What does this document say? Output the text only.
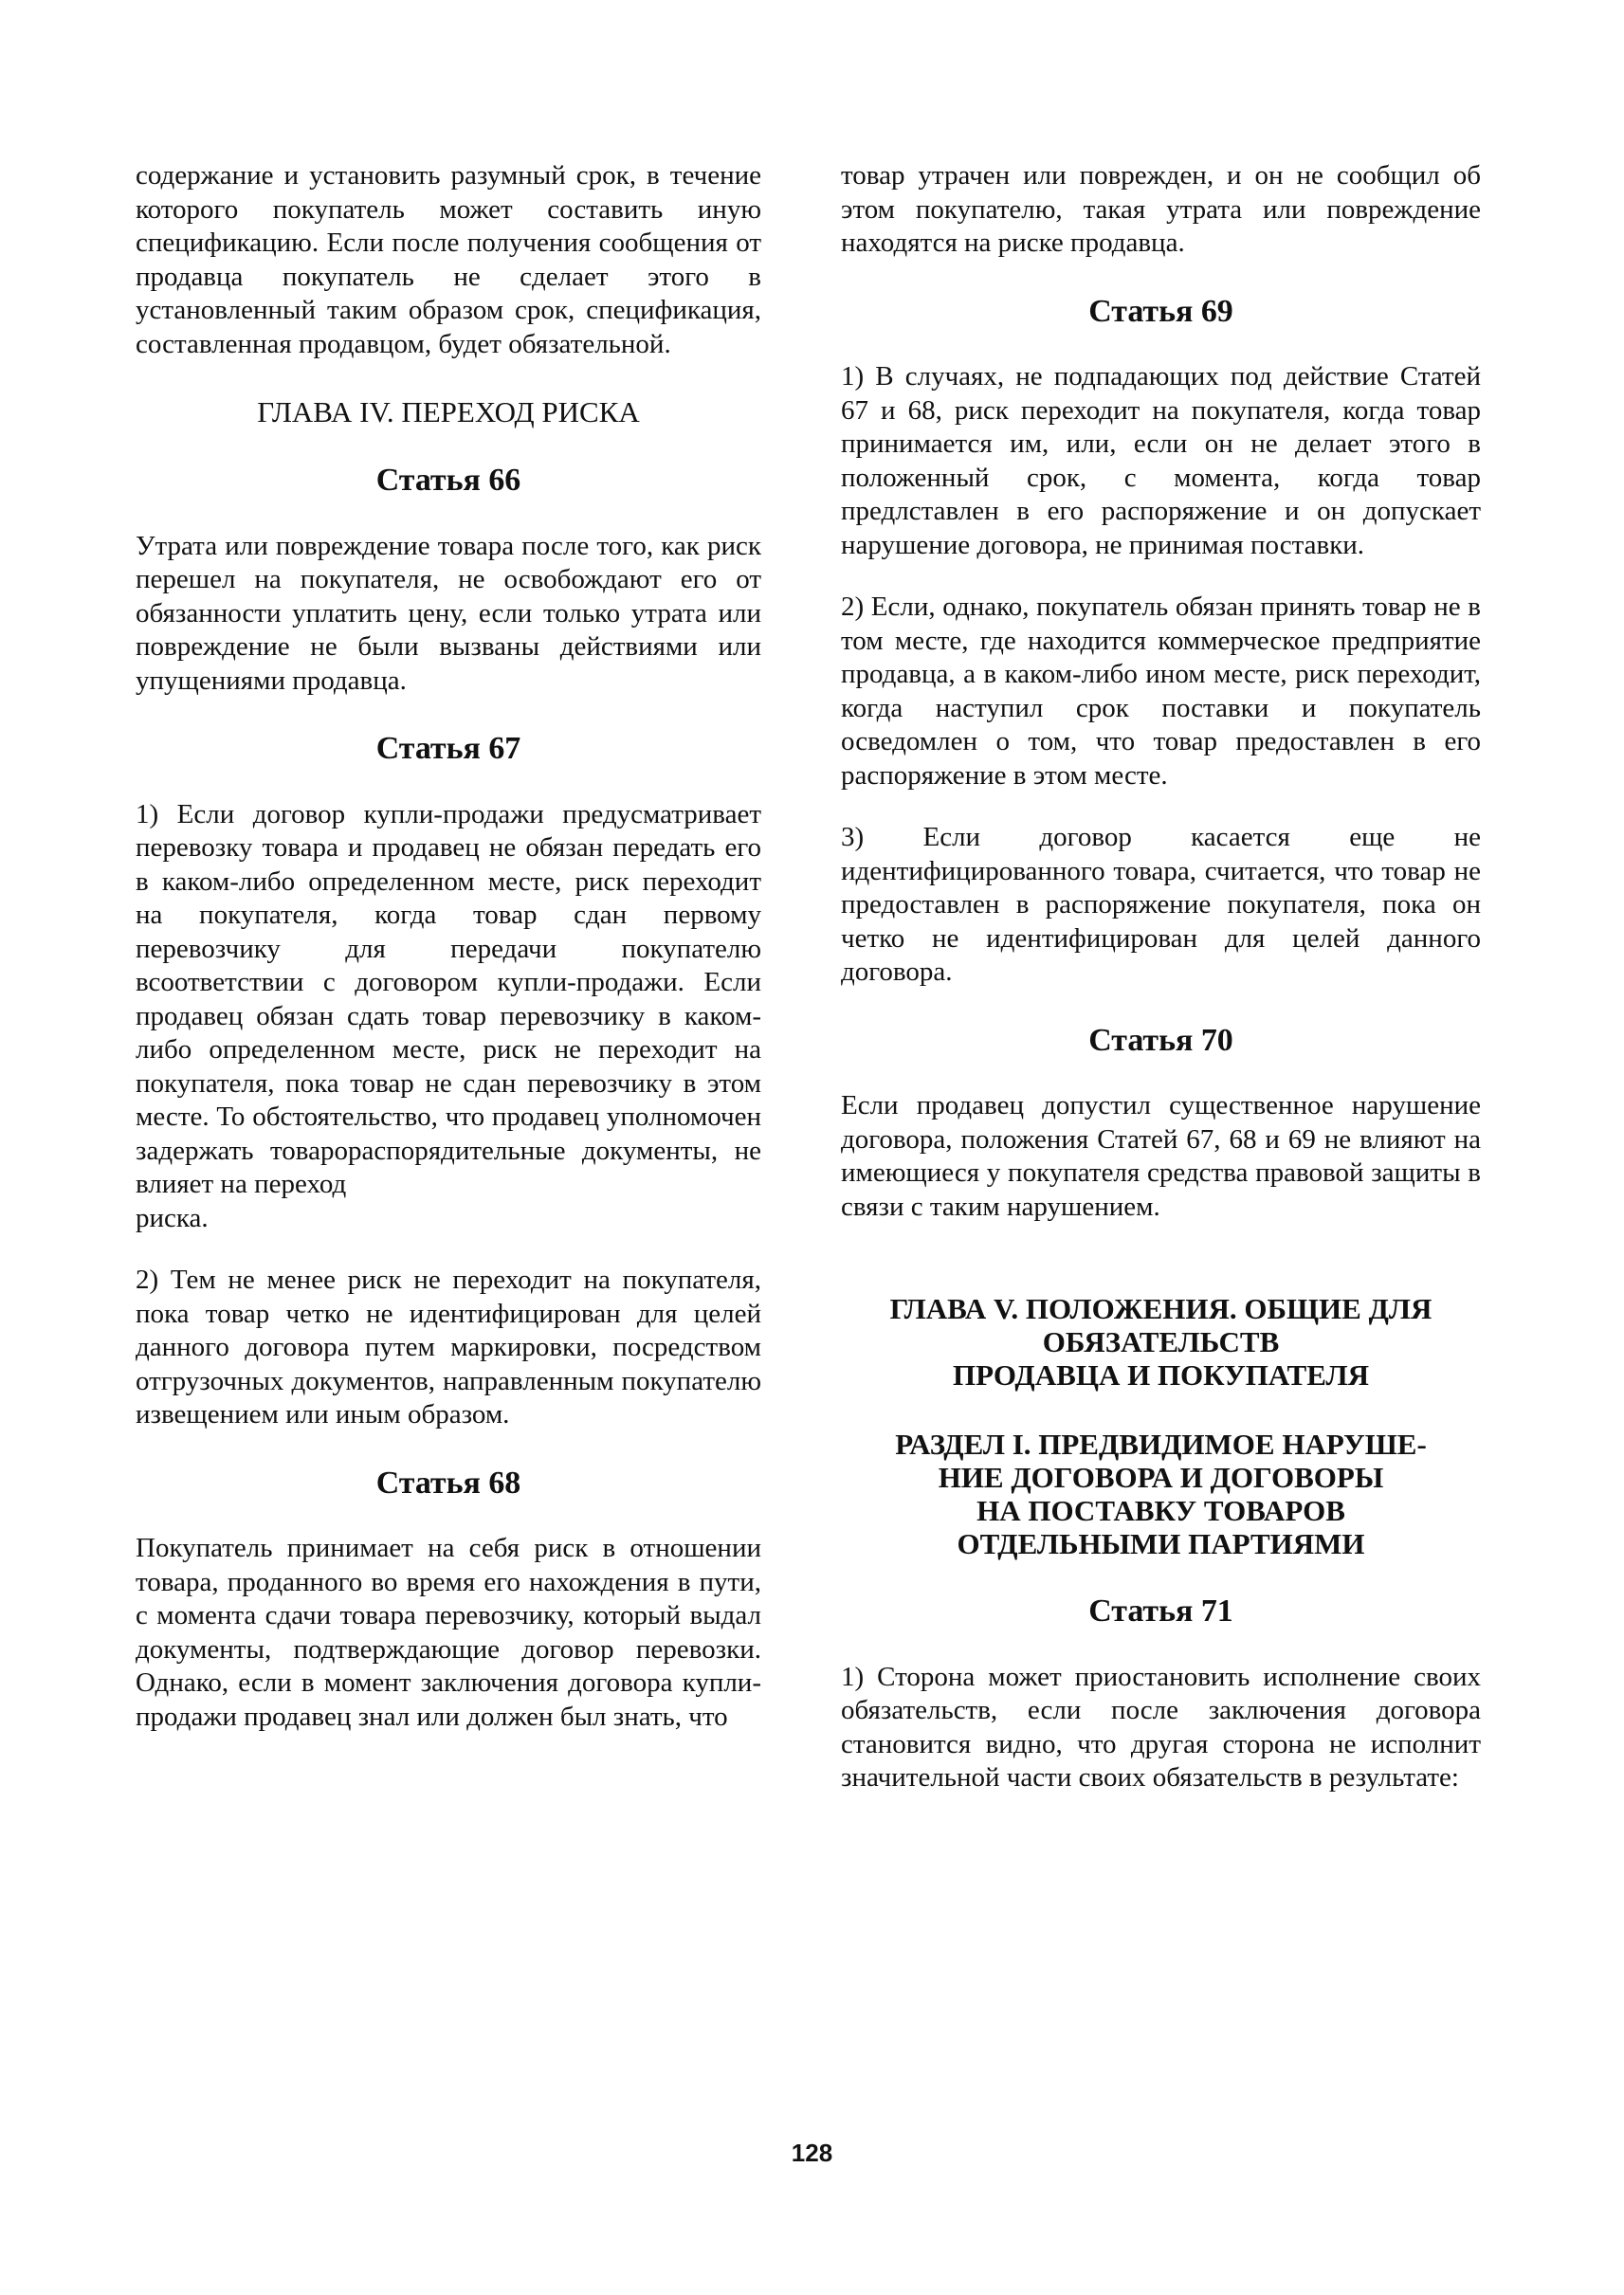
содержание и установить разумный срок, в течение которого покупатель может составить иную спецификацию. Если после получения сообщения от продавца покупатель не сделает этого в установленный таким образом срок, спецификация, составленная продавцом, будет обязательной.

ГЛАВА IV. ПЕРЕХОД РИСКА
Статья 66

Утрата или повреждение товара после того, как риск перешел на покупателя, не освобождают его от обязанности уплатить цену, если только утрата или повреждение не были вызваны действиями или упущениями продавца.

Статья 67

1) Если договор купли-продажи предусматривает перевозку товара и продавец не обязан передать его в каком-либо определенном месте, риск переходит на покупателя, когда товар сдан первому перевозчику для передачи покупателю всоответствии с договором купли-продажи. Если продавец обязан сдать товар перевозчику в каком-либо определенном месте, риск не переходит на покупателя, пока товар не сдан перевозчику в этом месте. То обстоятельство, что продавец уполномочен задержать товарораспорядительные документы, не влияет на переход

риска.

2) Тем не менее риск не переходит на покупателя, пока товар четко не идентифицирован для целей данного договора путем маркировки, посредством отгрузочных документов, направленным покупателю извещением или иным образом.

Статья 68

Покупатель принимает на себя риск в отношении товара, проданного во время его нахождения в пути, с момента сдачи товара перевозчику, который выдал документы, подтверждающие договор перевозки. Однако, если в момент заключения договора купли-продажи продавец знал или должен был знать, что

товар утрачен или поврежден, и он не сообщил об этом покупателю, такая утрата или повреждение находятся на риске продавца.

Статья 69

1) В случаях, не подпадающих под действие Статей 67 и 68, риск переходит на покупателя, когда товар принимается им, или, если он не делает этого в положенный срок, с момента, когда товар предлставлен в его распоряжение и он допускает нарушение договора, не принимая поставки.

2) Если, однако, покупатель обязан принять товар не в том месте, где находится коммерческое предприятие продавца, а в каком-либо ином месте, риск переходит, когда наступил срок поставки и покупатель осведомлен о том, что товар предоставлен в его распоряжение в этом месте.

3) Если договор касается еще не идентифицированного товара, считается, что товар не предоставлен в распоряжение покупателя, пока он четко не идентифицирован для целей данного договора.

Статья 70

Если продавец допустил существенное нарушение договора, положения Статей 67, 68 и 69 не влияют на имеющиеся у покупателя средства правовой защиты в связи с таким нарушением.

ГЛАВА V. ПОЛОЖЕНИЯ. ОБЩИЕ ДЛЯ
ОБЯЗАТЕЛЬСТВ
ПРОДАВЦА И ПОКУПАТЕЛЯ
РАЗДЕЛ I. ПРЕДВИДИМОЕ НАРУШЕ-
НИЕ ДОГОВОРА И ДОГОВОРЫ
НА ПОСТАВКУ ТОВАРОВ
ОТДЕЛЬНЫМИ ПАРТИЯМИ
Статья 71

1) Сторона может приостановить исполнение своих обязательств, если после заключения договора становится видно, что другая сторона не исполнит значительной части своих обязательств в результате:

128
